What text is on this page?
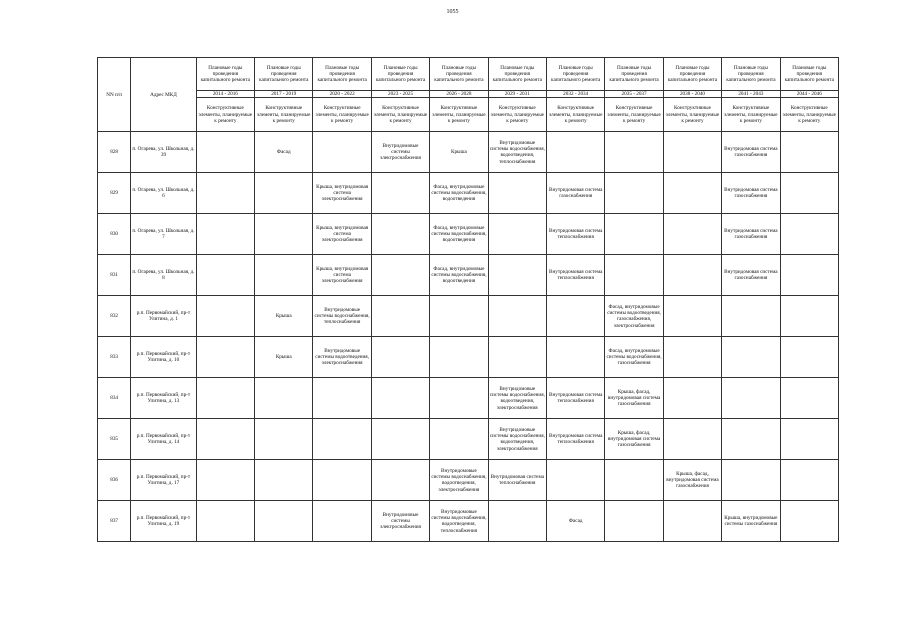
1055
NN п/п	Адрес МКД	Плановые годы проведения капитального ремонта	Плановые годы проведения капитального ремонта	Плановые годы проведения капитального ремонта	Плановые годы проведения капитального ремонта	Плановые годы проведения капитального ремонта	Плановые годы проведения капитального ремонта	Плановые годы проведения капитального ремонта	Плановые годы проведения капитального ремонта	Плановые годы проведения капитального ремонта	Плановые годы проведения капитального ремонта	Плановые годы проведения капитального ремонта
		2014 - 2016	2017 - 2019	2020 - 2022	2023 - 2025	2026 - 2028	2029 - 2031	2032 - 2034	2035 - 2037	2038 - 2040	2041 - 2043	2044 - 2046
		Конструктивные элементы, планируемые к ремонту	Конструктивные элементы, планируемые к ремонту	Конструктивные элементы, планируемые к ремонту	Конструктивные элементы, планируемые к ремонту	Конструктивные элементы, планируемые к ремонту	Конструктивные элементы, планируемые к ремонту	Конструктивные элементы, планируемые к ремонту	Конструктивные элементы, планируемые к ремонту	Конструктивные элементы, планируемые к ремонту	Конструктивные элементы, планируемые к ремонту	Конструктивные элементы, планируемые к ремонту
828	п. Огарева, ул. Школьная, д. 39		Фасад		Внутридомовые системы электроснабжения	Крыша	Внутридомовые системы водоснабжения, водоотведения, теплоснабжения				Внутридомовая система газоснабжения	
829	п. Огарева, ул. Школьная, д. 6			Крыша, внутридомовая система электроснабжения		Фасад, внутридомовые системы водоснабжения, водоотведения		Внутридомовая система газоснабжения			Внутридомовая система газоснабжения	
830	п. Огарева, ул. Школьная, д. 7			Крыша, внутридомовая система электроснабжения		Фасад, внутридомовые системы водоснабжения, водоотведения		Внутридомовая система теплоснабжения			Внутридомовая система газоснабжения	
831	п. Огарева, ул. Школьная, д. 8			Крыша, внутридомовая система электроснабжения		Фасад, внутридомовые системы водоснабжения, водоотведения		Внутридомовая система теплоснабжения			Внутридомовая система газоснабжения	
832	р.п. Первомайский, пр-т Улитина, д. 1		Крыша	Внутридомовые системы водоснабжения, теплоснабжения					Фасад, внутридомовые системы водоотведения, газоснабжения, электроснабжения			
833	р.п. Первомайский, пр-т Улитина, д. 10		Крыша	Внутридомовые системы водоотведения, электроснабжения					Фасад, внутридомовые системы водоснабжения, газоснабжения			
834	р.п. Первомайский, пр-т Улитина, д. 13						Внутридомовые системы водоснабжения, водоотведения, электроснабжения	Внутридомовая система теплоснабжения	Крыша, фасад, внутридомовая система газоснабжения			
835	р.п. Первомайский, пр-т Улитина, д. 14						Внутридомовые системы водоснабжения, водоотведения, электроснабжения	Внутридомовая система теплоснабжения	Крыша, фасад, внутридомовая система газоснабжения			
836	р.п. Первомайский, пр-т Улитина, д. 17					Внутридомовые системы водоснабжения, водоотведения, электроснабжения	Внутридомовая система теплоснабжения			Крыша, фасад, внутридомовая система газоснабжения		
837	р.п. Первомайский, пр-т Улитина, д. 19				Внутридомовые системы электроснабжения	Внутридомовые системы водоснабжения, водоотведения, теплоснабжения		Фасад			Крыша, внутридомовые системы газоснабжения	
